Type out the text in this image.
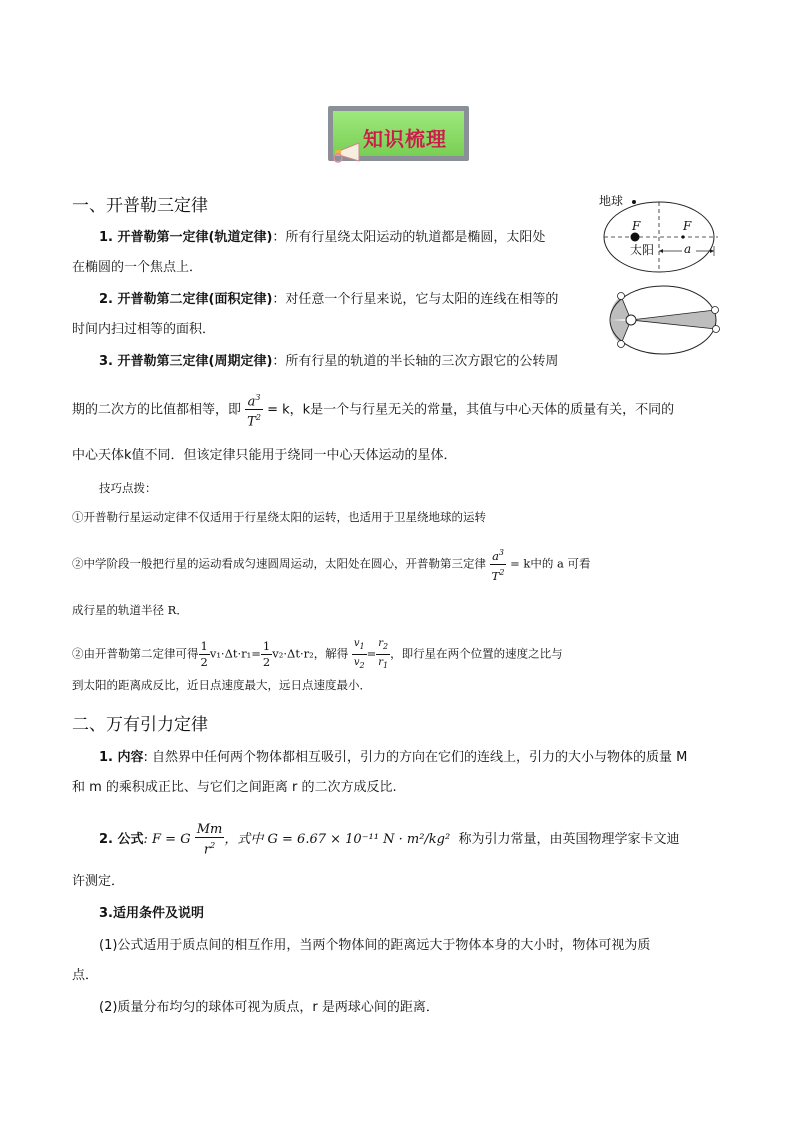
知识梳理
一、开普勒三定律	地球
F	F
太阳 a
1. 开普勒第一定律(轨道定律)：所有行星绕太阳运动的轨道都是椭圆，太阳处
在椭圆的一个焦点上．
2. 开普勒第二定律(面积定律)：对任意一个行星来说，它与太阳的连线在相等的
时间内扫过相等的面积．
3. 开普勒第三定律(周期定律)：所有行星的轨道的半长轴的三次方跟它的公转周
期的二次方的比值都相等，即 $\frac{a^3}{T^2} = k$，k是一个与行星无关的常量，其值与中心天体的质量有关，不同的
中心天体k值不同．但该定律只能用于绕同一中心天体运动的星体．
技巧点拨：
①开普勒行星运动定律不仅适用于行星绕太阳的运转，也适用于卫星绕地球的运转
②中学阶段一般把行星的运动看成匀速圆周运动，太阳处在圆心，开普勒第三定律 $\frac{a^3}{T^2} = k$中的 a 可看
成行星的轨道半径 R．
②由开普勒第二定律可得 $\frac{1}{2} v_1\cdot\Delta t\cdot r_1= \frac{1}{2} v_2\cdot\Delta t\cdot r_2$，解得 $\frac{v_1}{v_2} = \frac{r_2}{r_1}$ ，即行星在两个位置的速度之比与
到太阳的距离成反比，近日点速度最大，远日点速度最小．
二、万有引力定律
1. 内容: 自然界中任何两个物体都相互吸引，引力的方向在它们的连线上，引力的大小与物体的质量 M
和 m 的乘积成正比、与它们之间距离 r 的二次方成反比.
2. 公式: F = G $\frac{Mm}{r^2}$ ，式中 G = 6.67 × 10⁻¹¹ N · m²/kg² 称为引力常量，由英国物理学家卡文迪
许测定．
3.适用条件及说明
(1)公式适用于质点间的相互作用，当两个物体间的距离远大于物体本身的大小时，物体可视为质
点．
(2)质量分布均匀的球体可视为质点，r 是两球心间的距离．
